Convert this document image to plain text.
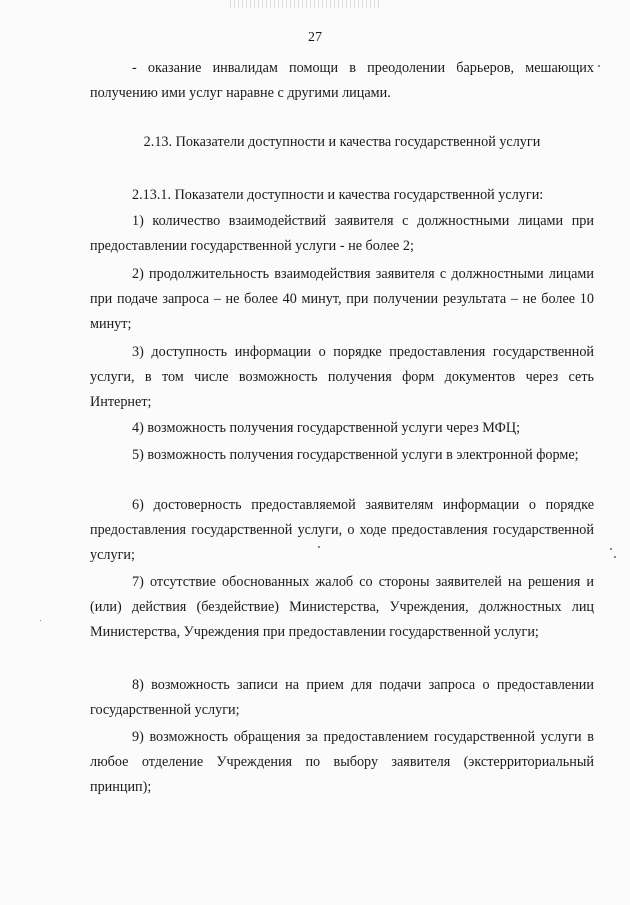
27

- оказание инвалидам помощи в преодолении барьеров, мешающих получению ими услуг наравне с другими лицами.

2.13. Показатели доступности и качества государственной услуги

2.13.1. Показатели доступности и качества государственной услуги:

1) количество взаимодействий заявителя с должностными лицами при предоставлении государственной услуги - не более 2;

2) продолжительность взаимодействия заявителя с должностными лицами при подаче запроса – не более 40 минут, при получении результата – не более 10 минут;

3) доступность информации о порядке предоставления государственной услуги, в том числе возможность получения форм документов через сеть Интернет;

4) возможность получения государственной услуги через МФЦ;

5) возможность получения государственной услуги в электронной форме;

6) достоверность предоставляемой заявителям информации о порядке предоставления государственной услуги, о ходе предоставления государственной услуги;

7) отсутствие обоснованных жалоб со стороны заявителей на решения и (или) действия (бездействие) Министерства, Учреждения, должностных лиц Министерства, Учреждения при предоставлении государственной услуги;

8) возможность записи на прием для подачи запроса о предоставлении государственной услуги;

9) возможность обращения за предоставлением государственной услуги в любое отделение Учреждения по выбору заявителя (экстерриториальный принцип);
